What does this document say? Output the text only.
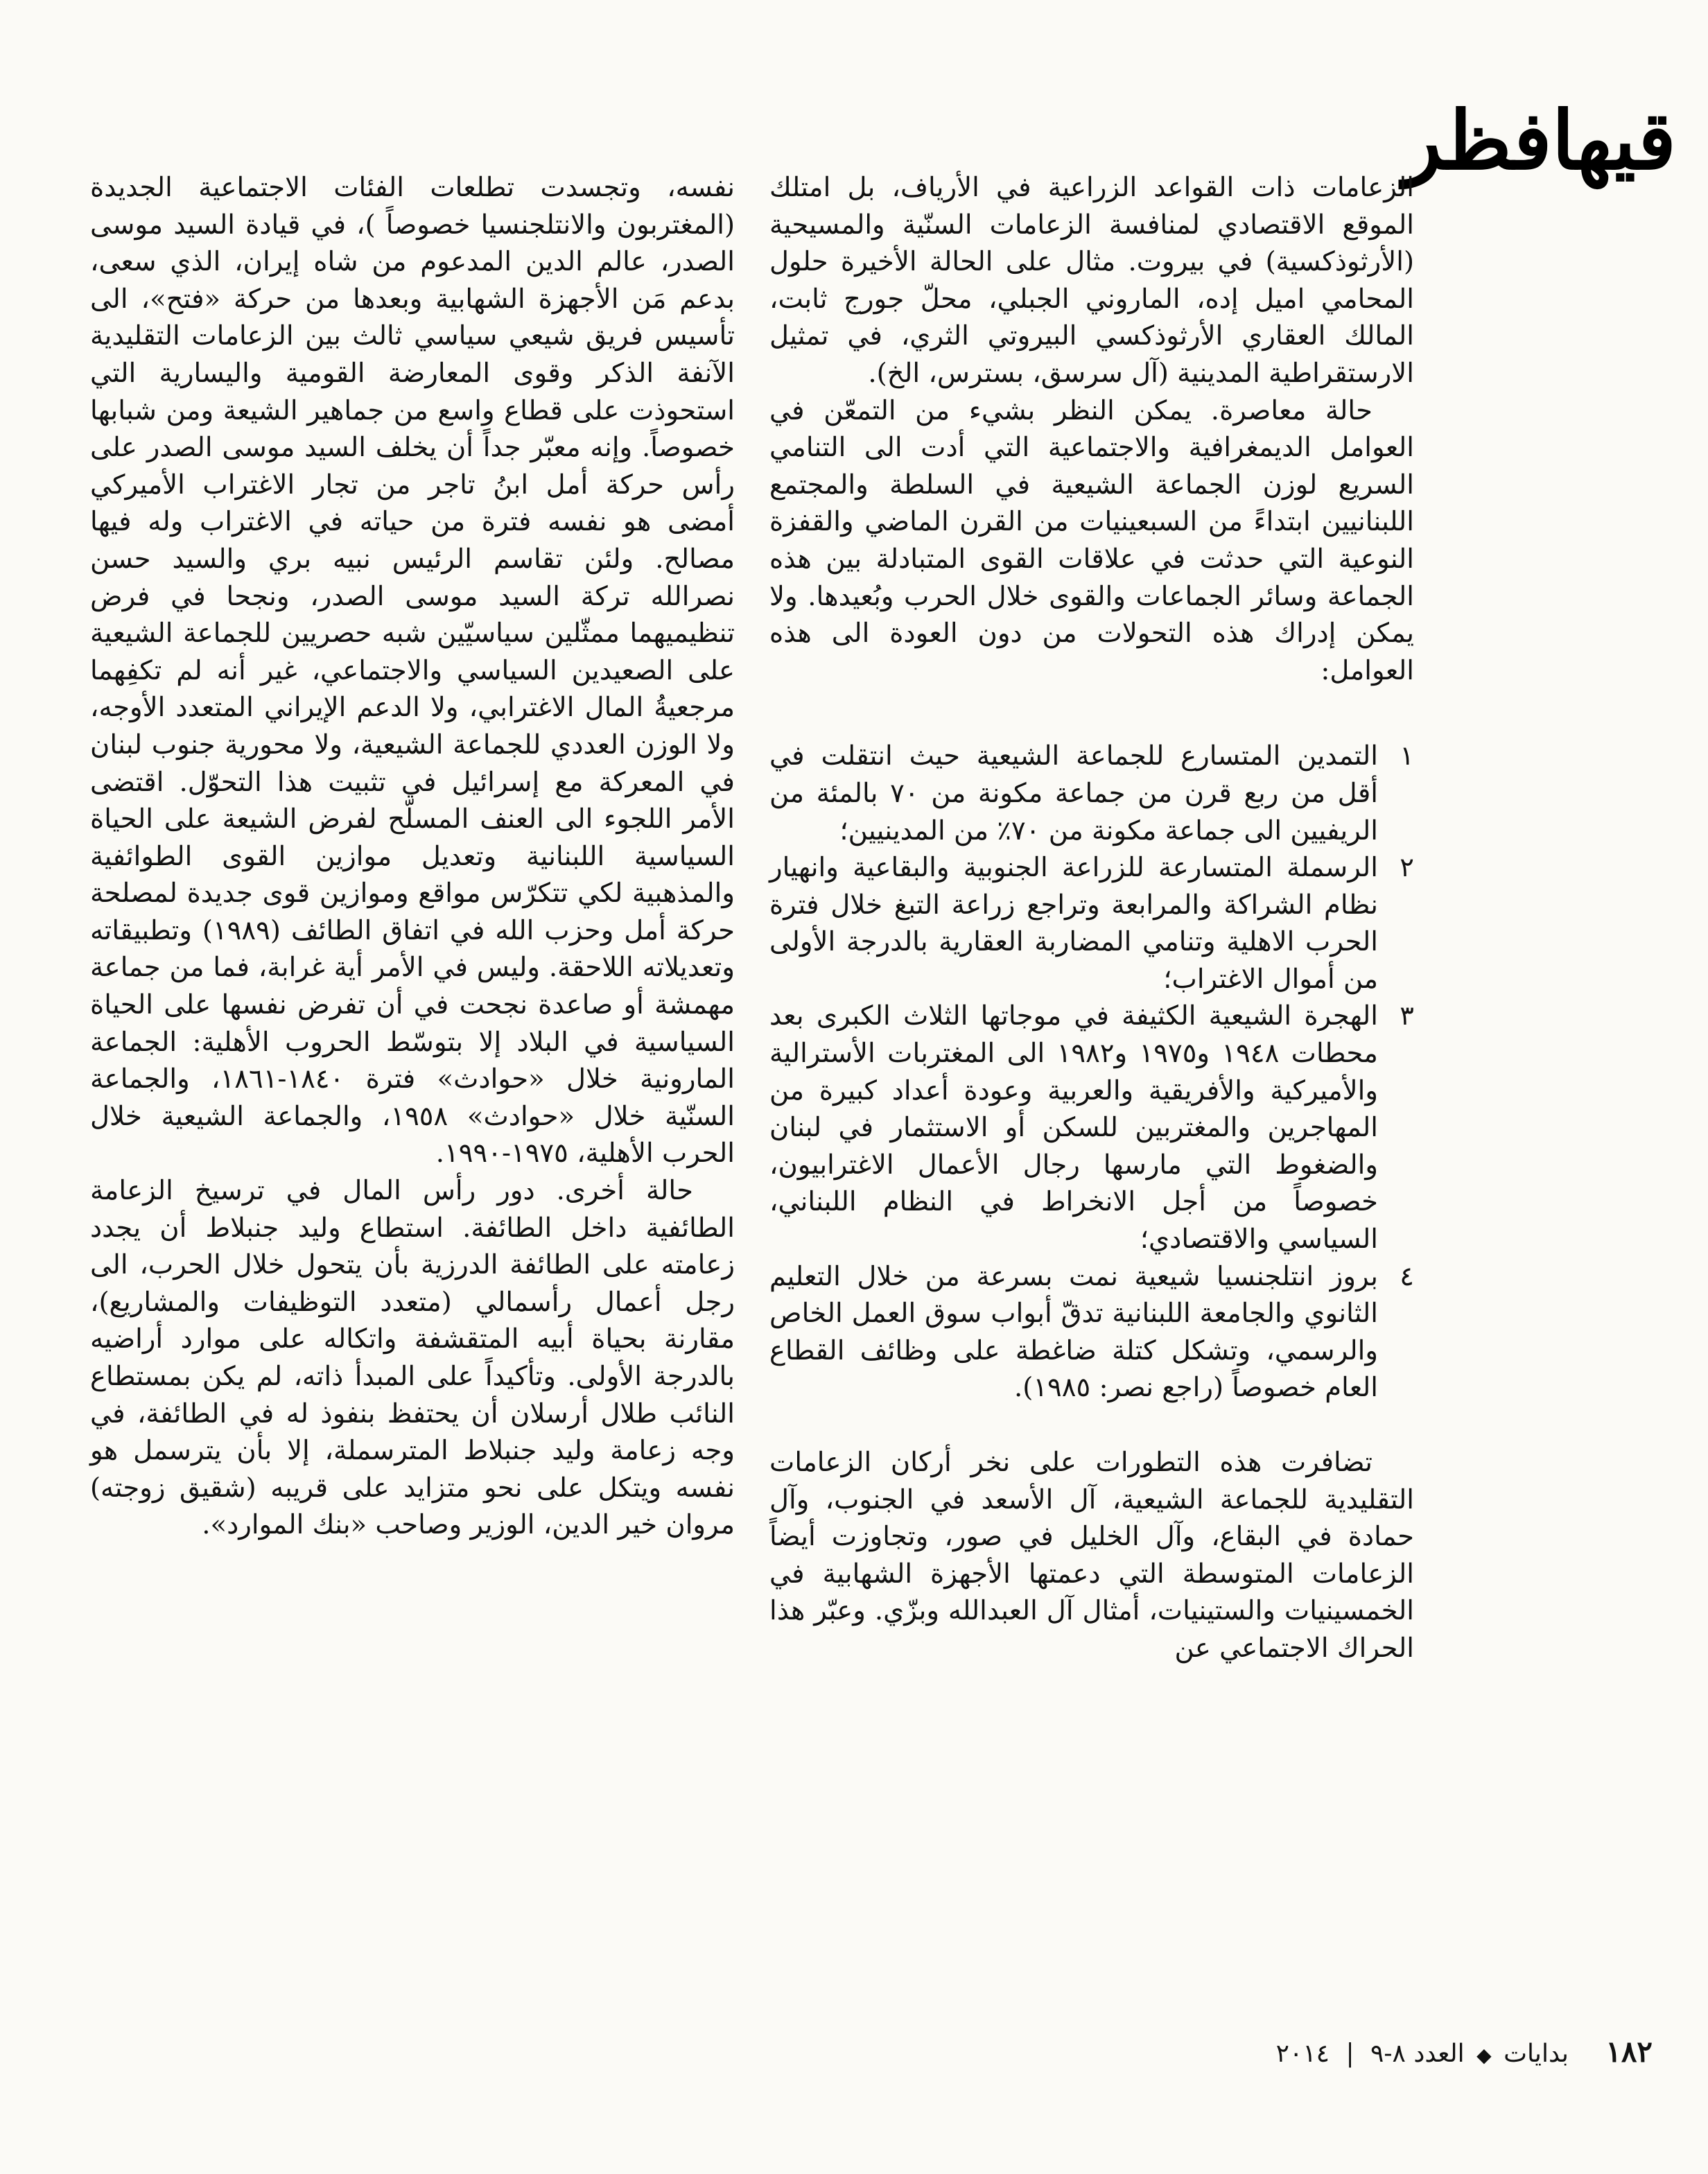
قيهافظر

الزعامات ذات القواعد الزراعية في الأرياف، بل امتلك الموقع الاقتصادي لمنافسة الزعامات السنّية والمسيحية (الأرثوذكسية) في بيروت. مثال على الحالة الأخيرة حلول المحامي اميل إده، الماروني الجبلي، محلّ جورج ثابت، المالك العقاري الأرثوذكسي البيروتي الثري، في تمثيل الارستقراطية المدينية (آل سرسق، بسترس، الخ).

حالة معاصرة. يمكن النظر بشيء من التمعّن في العوامل الديمغرافية والاجتماعية التي أدت الى التنامي السريع لوزن الجماعة الشيعية في السلطة والمجتمع اللبنانيين ابتداءً من السبعينيات من القرن الماضي والقفزة النوعية التي حدثت في علاقات القوى المتبادلة بين هذه الجماعة وسائر الجماعات والقوى خلال الحرب وبُعيدها. ولا يمكن إدراك هذه التحولات من دون العودة الى هذه العوامل:

١
التمدين المتسارع للجماعة الشيعية حيث انتقلت في أقل من ربع قرن من جماعة مكونة من ٧٠ بالمئة من الريفيين الى جماعة مكونة من ٧٠٪ من المدينيين؛
٢
الرسملة المتسارعة للزراعة الجنوبية والبقاعية وانهيار نظام الشراكة والمرابعة وتراجع زراعة التبغ خلال فترة الحرب الاهلية وتنامي المضاربة العقارية بالدرجة الأولى من أموال الاغتراب؛
٣
الهجرة الشيعية الكثيفة في موجاتها الثلاث الكبرى بعد محطات ١٩٤٨ و١٩٧٥ و١٩٨٢ الى المغتربات الأسترالية والأميركية والأفريقية والعربية وعودة أعداد كبيرة من المهاجرين والمغتربين للسكن أو الاستثمار في لبنان والضغوط التي مارسها رجال الأعمال الاغترابيون، خصوصاً من أجل الانخراط في النظام اللبناني، السياسي والاقتصادي؛
٤
بروز انتلجنسيا شيعية نمت بسرعة من خلال التعليم الثانوي والجامعة اللبنانية تدقّ أبواب سوق العمل الخاص والرسمي، وتشكل كتلة ضاغطة على وظائف القطاع العام خصوصاً (راجع نصر: ١٩٨٥).

تضافرت هذه التطورات على نخر أركان الزعامات التقليدية للجماعة الشيعية، آل الأسعد في الجنوب، وآل حمادة في البقاع، وآل الخليل في صور، وتجاوزت أيضاً الزعامات المتوسطة التي دعمتها الأجهزة الشهابية في الخمسينيات والستينيات، أمثال آل العبدالله وبزّي. وعبّر هذا الحراك الاجتماعي عن

نفسه، وتجسدت تطلعات الفئات الاجتماعية الجديدة (المغتربون والانتلجنسيا خصوصاً )، في قيادة السيد موسى الصدر، عالم الدين المدعوم من شاه إيران، الذي سعى، بدعم مَن الأجهزة الشهابية وبعدها من حركة «فتح»، الى تأسيس فريق شيعي سياسي ثالث بين الزعامات التقليدية الآنفة الذكر وقوى المعارضة القومية واليسارية التي استحوذت على قطاع واسع من جماهير الشيعة ومن شبابها خصوصاً. وإنه معبّر جداً أن يخلف السيد موسى الصدر على رأس حركة أمل ابنُ تاجر من تجار الاغتراب الأميركي أمضى هو نفسه فترة من حياته في الاغتراب وله فيها مصالح. ولئن تقاسم الرئيس نبيه بري والسيد حسن نصرالله تركة السيد موسى الصدر، ونجحا في فرض تنظيميهما ممثّلين سياسيّين شبه حصريين للجماعة الشيعية على الصعيدين السياسي والاجتماعي، غير أنه لم تكفِهما مرجعيةُ المال الاغترابي، ولا الدعم الإيراني المتعدد الأوجه، ولا الوزن العددي للجماعة الشيعية، ولا محورية جنوب لبنان في المعركة مع إسرائيل في تثبيت هذا التحوّل. اقتضى الأمر اللجوء الى العنف المسلّح لفرض الشيعة على الحياة السياسية اللبنانية وتعديل موازين القوى الطوائفية والمذهبية لكي تتكرّس مواقع وموازين قوى جديدة لمصلحة حركة أمل وحزب الله في اتفاق الطائف (١٩٨٩) وتطبيقاته وتعديلاته اللاحقة. وليس في الأمر أية غرابة، فما من جماعة مهمشة أو صاعدة نجحت في أن تفرض نفسها على الحياة السياسية في البلاد إلا بتوسّط الحروب الأهلية: الجماعة المارونية خلال «حوادث» فترة ١٨٤٠-١٨٦١، والجماعة السنّية خلال «حوادث» ١٩٥٨، والجماعة الشيعية خلال الحرب الأهلية، ١٩٧٥-١٩٩٠.

حالة أخرى. دور رأس المال في ترسيخ الزعامة الطائفية داخل الطائفة. استطاع وليد جنبلاط أن يجدد زعامته على الطائفة الدرزية بأن يتحول خلال الحرب، الى رجل أعمال رأسمالي (متعدد التوظيفات والمشاريع)، مقارنة بحياة أبيه المتقشفة واتكاله على موارد أراضيه بالدرجة الأولى. وتأكيداً على المبدأ ذاته، لم يكن بمستطاع النائب طلال أرسلان أن يحتفظ بنفوذ له في الطائفة، في وجه زعامة وليد جنبلاط المترسملة، إلا بأن يترسمل هو نفسه ويتكل على نحو متزايد على قريبه (شقيق زوجته) مروان خير الدين، الوزير وصاحب «بنك الموارد».

١٨٢ بدايات ◆ العدد ٨-٩ | ٢٠١٤
